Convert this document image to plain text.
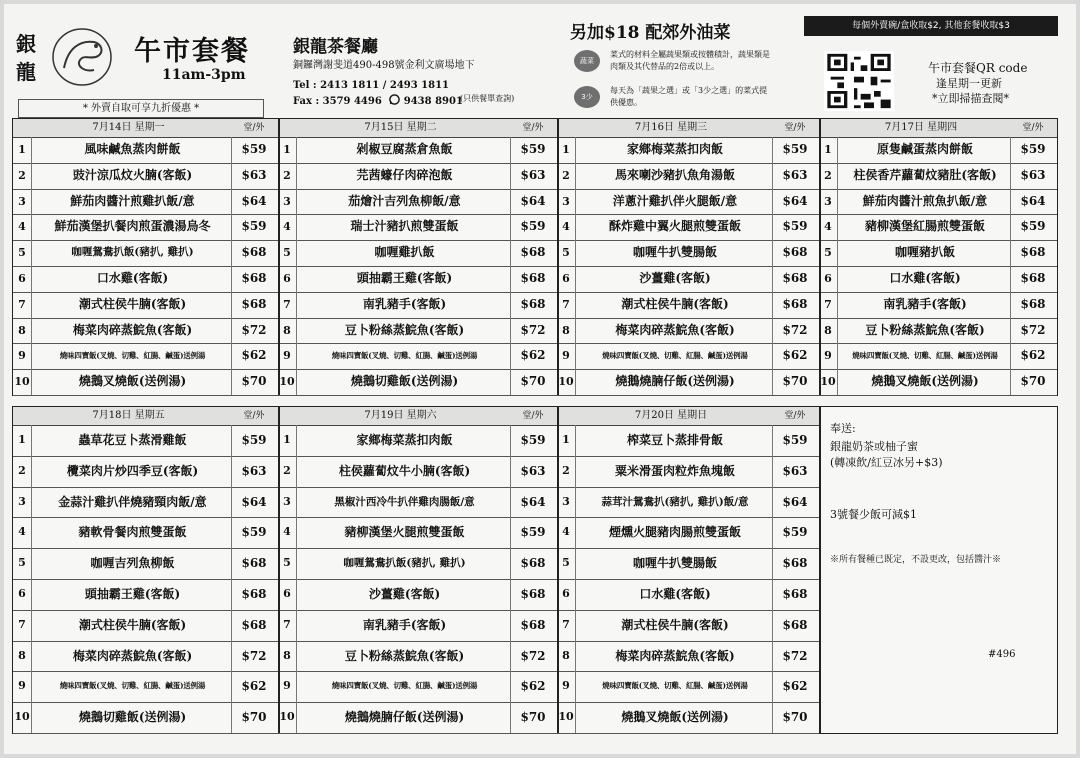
銀
龍
午市套餐
11am-3pm
* 外賣自取可享九折優惠 *
銀龍茶餐廳
銅鑼灣謝斐道490-498號金利文廣場地下
Tel : 2413 1811 / 2493 1811
Fax : 3579 4496 9438 8901
(只供餐單查詢)
另加$18 配郊外油菜
蔬菜
菜式的材料全屬蔬果類或按體積計，蔬果類是肉類及其代替品的2倍或以上。
3少
每天為「蔬果之選」或「3少之選」的菜式提供優惠。
每個外賣碗/盒收取$2, 其他套餐收取$3
午市套餐QR code
逢星期一更新
*立即掃描查閱*
7月14日 星期一	堂/外
1	風味鹹魚蒸肉餅飯	$59
2	豉汁涼瓜炆火腩(客飯)	$63
3	鮮茄肉醬汁煎雞扒飯/意	$64
4	鮮茄漢堡扒餐肉煎蛋濃湯烏冬	$59
5	咖喱鴛鴦扒飯(豬扒, 雞扒)	$68
6	口水雞(客飯)	$68
7	潮式柱侯牛腩(客飯)	$68
8	梅菜肉碎蒸鯇魚(客飯)	$72
9	燒味四寶飯(叉燒、切雞、紅腸、鹹蛋)送例湯	$62
10	燒鵝叉燒飯(送例湯)	$70
7月15日 星期二	堂/外
1	剁椒豆腐蒸倉魚飯	$59
2	芫茜蠔仔肉碎泡飯	$63
3	茄燴汁吉列魚柳飯/意	$64
4	瑞士汁豬扒煎雙蛋飯	$59
5	咖喱雞扒飯	$68
6	頭抽霸王雞(客飯)	$68
7	南乳豬手(客飯)	$68
8	豆卜粉絲蒸鯇魚(客飯)	$72
9	燒味四寶飯(叉燒、切雞、紅腸、鹹蛋)送例湯	$62
10	燒鵝切雞飯(送例湯)	$70
7月16日 星期三	堂/外
1	家鄉梅菜蒸扣肉飯	$59
2	馬來喇沙豬扒魚角湯飯	$63
3	洋蔥汁雞扒伴火腿飯/意	$64
4	酥炸雞中翼火腿煎雙蛋飯	$59
5	咖喱牛扒雙腸飯	$68
6	沙薑雞(客飯)	$68
7	潮式柱侯牛腩(客飯)	$68
8	梅菜肉碎蒸鯇魚(客飯)	$72
9	燒味四寶飯(叉燒、切雞、紅腸、鹹蛋)送例湯	$62
10	燒鵝燒腩仔飯(送例湯)	$70
7月17日 星期四	堂/外
1	原隻鹹蛋蒸肉餅飯	$59
2	柱侯香芹蘿蔔炆豬肚(客飯)	$63
3	鮮茄肉醬汁煎魚扒飯/意	$64
4	豬柳漢堡紅腸煎雙蛋飯	$59
5	咖喱豬扒飯	$68
6	口水雞(客飯)	$68
7	南乳豬手(客飯)	$68
8	豆卜粉絲蒸鯇魚(客飯)	$72
9	燒味四寶飯(叉燒、切雞、紅腸、鹹蛋)送例湯	$62
10	燒鵝叉燒飯(送例湯)	$70
7月18日 星期五	堂/外
1	蟲草花豆卜蒸滑雞飯	$59
2	欖菜肉片炒四季豆(客飯)	$63
3	金蒜汁雞扒伴燒豬頸肉飯/意	$64
4	豬軟骨餐肉煎雙蛋飯	$59
5	咖喱吉列魚柳飯	$68
6	頭抽霸王雞(客飯)	$68
7	潮式柱侯牛腩(客飯)	$68
8	梅菜肉碎蒸鯇魚(客飯)	$72
9	燒味四寶飯(叉燒、切雞、紅腸、鹹蛋)送例湯	$62
10	燒鵝切雞飯(送例湯)	$70
7月19日 星期六	堂/外
1	家鄉梅菜蒸扣肉飯	$59
2	柱侯蘿蔔炆牛小腩(客飯)	$63
3	黑椒汁西冷牛扒伴雞肉腸飯/意	$64
4	豬柳漢堡火腿煎雙蛋飯	$59
5	咖喱鴛鴦扒飯(豬扒, 雞扒)	$68
6	沙薑雞(客飯)	$68
7	南乳豬手(客飯)	$68
8	豆卜粉絲蒸鯇魚(客飯)	$72
9	燒味四寶飯(叉燒、切雞、紅腸、鹹蛋)送例湯	$62
10	燒鵝燒腩仔飯(送例湯)	$70
7月20日 星期日	堂/外
1	榨菜豆卜蒸排骨飯	$59
2	粟米滑蛋肉粒炸魚塊飯	$63
3	蒜茸汁鴛鴦扒(豬扒, 雞扒)飯/意	$64
4	煙燻火腿豬肉腸煎雙蛋飯	$59
5	咖喱牛扒雙腸飯	$68
6	口水雞(客飯)	$68
7	潮式柱侯牛腩(客飯)	$68
8	梅菜肉碎蒸鯇魚(客飯)	$72
9	燒味四寶飯(叉燒、切雞、紅腸、鹹蛋)送例湯	$62
10	燒鵝叉燒飯(送例湯)	$70
奉送:
銀龍奶茶或柚子蜜
(轉凍飲/紅豆冰另+$3)
3號餐少飯可減$1
※所有餐種已既定，不設更改，包括醬汁※
#496
